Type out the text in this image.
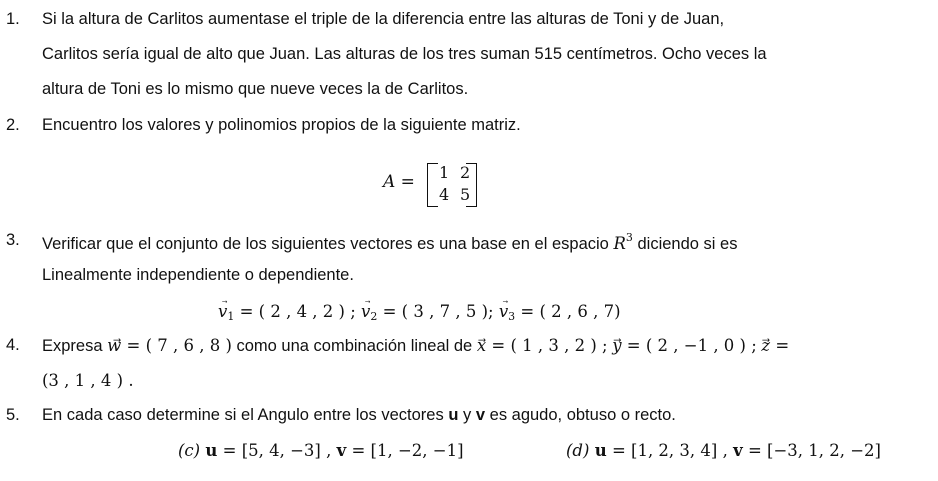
1. Si la altura de Carlitos aumentase el triple de la diferencia entre las alturas de Toni y de Juan,
Carlitos sería igual de alto que Juan. Las alturas de los tres suman 515 centímetros. Ocho veces la
altura de Toni es lo mismo que nueve veces la de Carlitos.
2. Encuentro los valores y polinomios propios de la siguiente matriz.
A = 1 2
4 5
3. Verificar que el conjunto de los siguientes vectores es una base en el espacio $R^3$ diciendo si es
Linealmente independiente o dependiente.
$v_1$ = ( 2 , 4 , 2 ) ; $v_2$ = ( 3 , 7 , 5 ); $v_3$ = ( 2 , 6 , 7)
4. Expresa w⃗ = ( 7 , 6 , 8 ) como una combinación lineal de x⃗ = ( 1 , 3 , 2 ) ; y⃗ = ( 2 , −1 , 0 ) ; z⃗ =
(3 , 1 , 4 ) .
5. En cada caso determine si el Angulo entre los vectores u y v es agudo, obtuso o recto.
(c) u = [5, 4, −3] , v = [1, −2, −1]	(d) u = [1, 2, 3, 4] , v = [−3, 1, 2, −2]
